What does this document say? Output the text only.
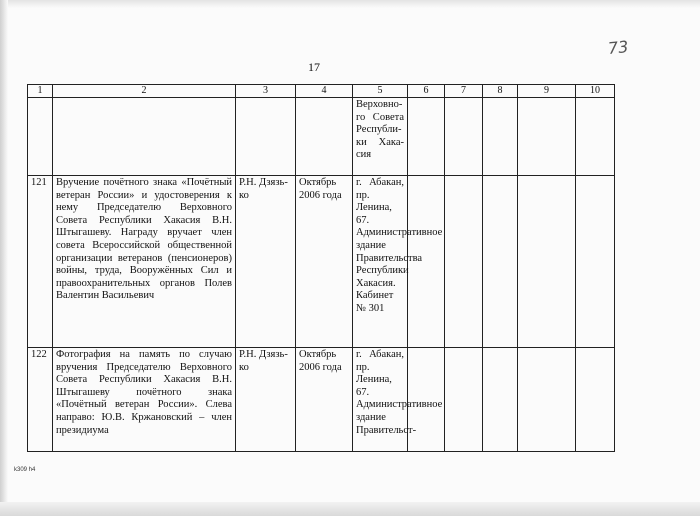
73
17
1	2	3	4	5	6	7	8	9	10
				Верховно-го Совета Республи-ки Хака-сия					
121	Вручение почётного знака «Почётный ветеран России» и удостоверения к нему Председателю Верховного Совета Республики Хакасия В.Н. Штыгашеву. Награду вручает член совета Всероссийской общественной организации ветеранов (пенсионеров) войны, труда, Вооружённых Сил и правоохранительных органов Полев Валентин Васильевич	Р.Н. Дзязь-ко	Октябрь 2006 года	г. Абакан, пр. Ленина, 67. Административное здание Правительства Республики Хакасия. Кабинет № 301					
122	Фотография на память по случаю вручения Председателю Верховного Совета Республики Хакасия В.Н. Штыгашеву почётного знака «Почётный ветеран России». Слева направо: Ю.В. Кржановский – член президиума	Р.Н. Дзязь-ко	Октябрь 2006 года	г. Абакан, пр. Ленина, 67. Административное здание Правительст-					
k309 h4
